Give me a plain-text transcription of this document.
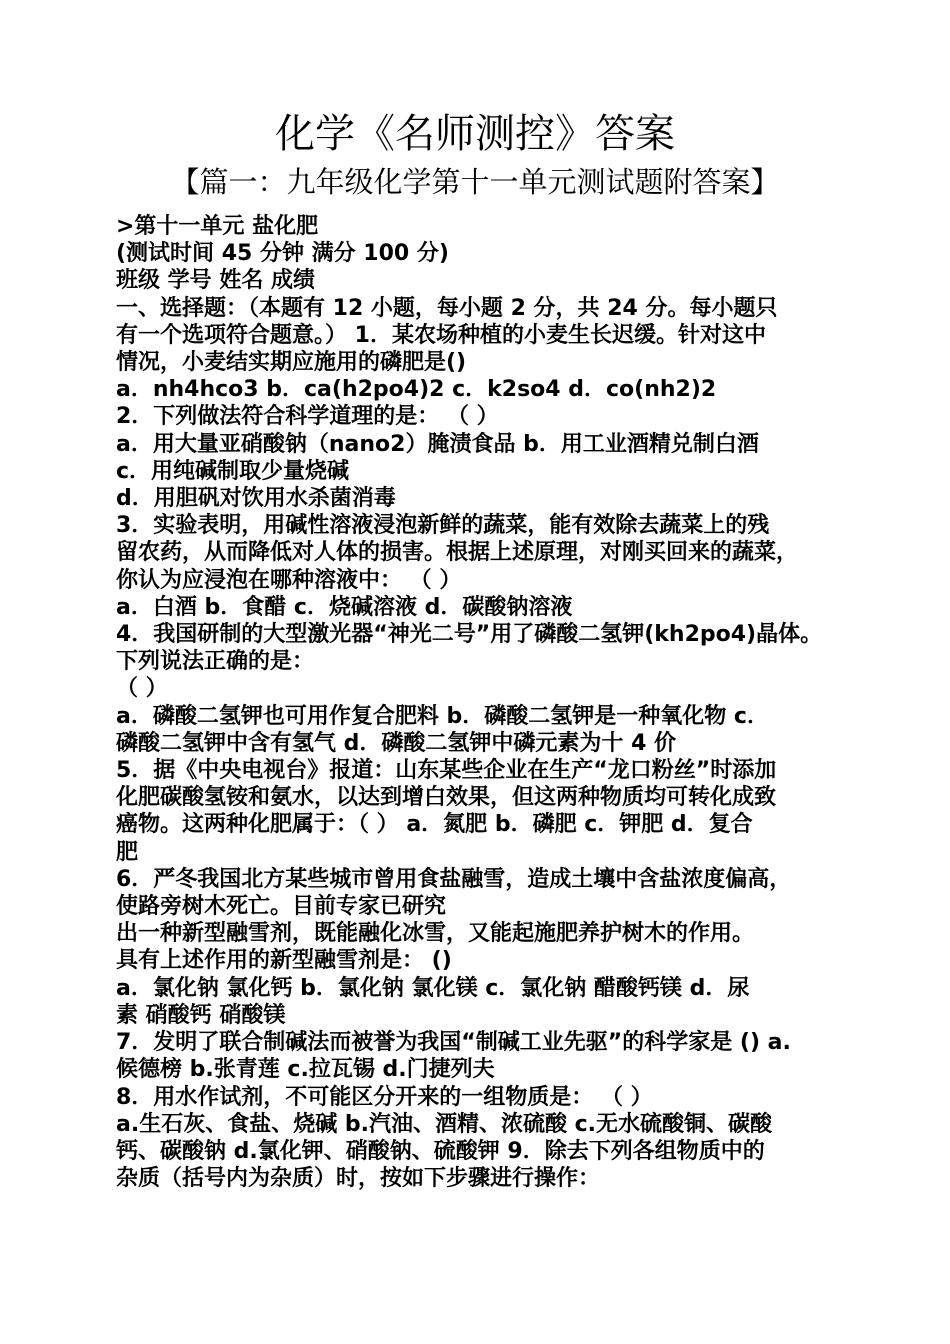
化学《名师测控》答案
【篇一：九年级化学第十一单元测试题附答案】
>第十一单元 盐化肥
(测试时间 45 分钟 满分 100 分)
班级 学号 姓名 成绩
一、选择题：（本题有 12 小题，每小题 2 分，共 24 分。每小题只
有一个选项符合题意。） 1．某农场种植的小麦生长迟缓。针对这中
情况，小麦结实期应施用的磷肥是()
a．nh4hco3 b．ca(h2po4)2 c．k2so4 d．co(nh2)2
2．下列做法符合科学道理的是： （ ）
a．用大量亚硝酸钠（nano2）腌渍食品 b．用工业酒精兑制白酒
c．用纯碱制取少量烧碱
d．用胆矾对饮用水杀菌消毒
3．实验表明，用碱性溶液浸泡新鲜的蔬菜，能有效除去蔬菜上的残
留农药，从而降低对人体的损害。根据上述原理，对刚买回来的蔬菜，
你认为应浸泡在哪种溶液中： （ ）
a．白酒 b．食醋 c．烧碱溶液 d．碳酸钠溶液
4．我国研制的大型激光器“神光二号”用了磷酸二氢钾(kh2po4)晶体。
下列说法正确的是：
（ ）
a．磷酸二氢钾也可用作复合肥料 b．磷酸二氢钾是一种氧化物 c．
磷酸二氢钾中含有氢气 d．磷酸二氢钾中磷元素为十 4 价
5．据《中央电视台》报道：山东某些企业在生产“龙口粉丝”时添加
化肥碳酸氢铵和氨水，以达到增白效果，但这两种物质均可转化成致
癌物。这两种化肥属于：（ ） a．氮肥 b．磷肥 c．钾肥 d．复合
肥
6．严冬我国北方某些城市曾用食盐融雪，造成土壤中含盐浓度偏高，
使路旁树木死亡。目前专家已研究
出一种新型融雪剂，既能融化冰雪，又能起施肥养护树木的作用。
具有上述作用的新型融雪剂是： ()
a．氯化钠 氯化钙 b．氯化钠 氯化镁 c．氯化钠 醋酸钙镁 d．尿
素 硝酸钙 硝酸镁
7．发明了联合制碱法而被誉为我国“制碱工业先驱”的科学家是 () a.
候德榜 b.张青莲 c.拉瓦锡 d.门捷列夫
8．用水作试剂，不可能区分开来的一组物质是： （ ）
a.生石灰、食盐、烧碱 b.汽油、酒精、浓硫酸 c.无水硫酸铜、碳酸
钙、碳酸钠 d.氯化钾、硝酸钠、硫酸钾 9．除去下列各组物质中的
杂质（括号内为杂质）时，按如下步骤进行操作：
